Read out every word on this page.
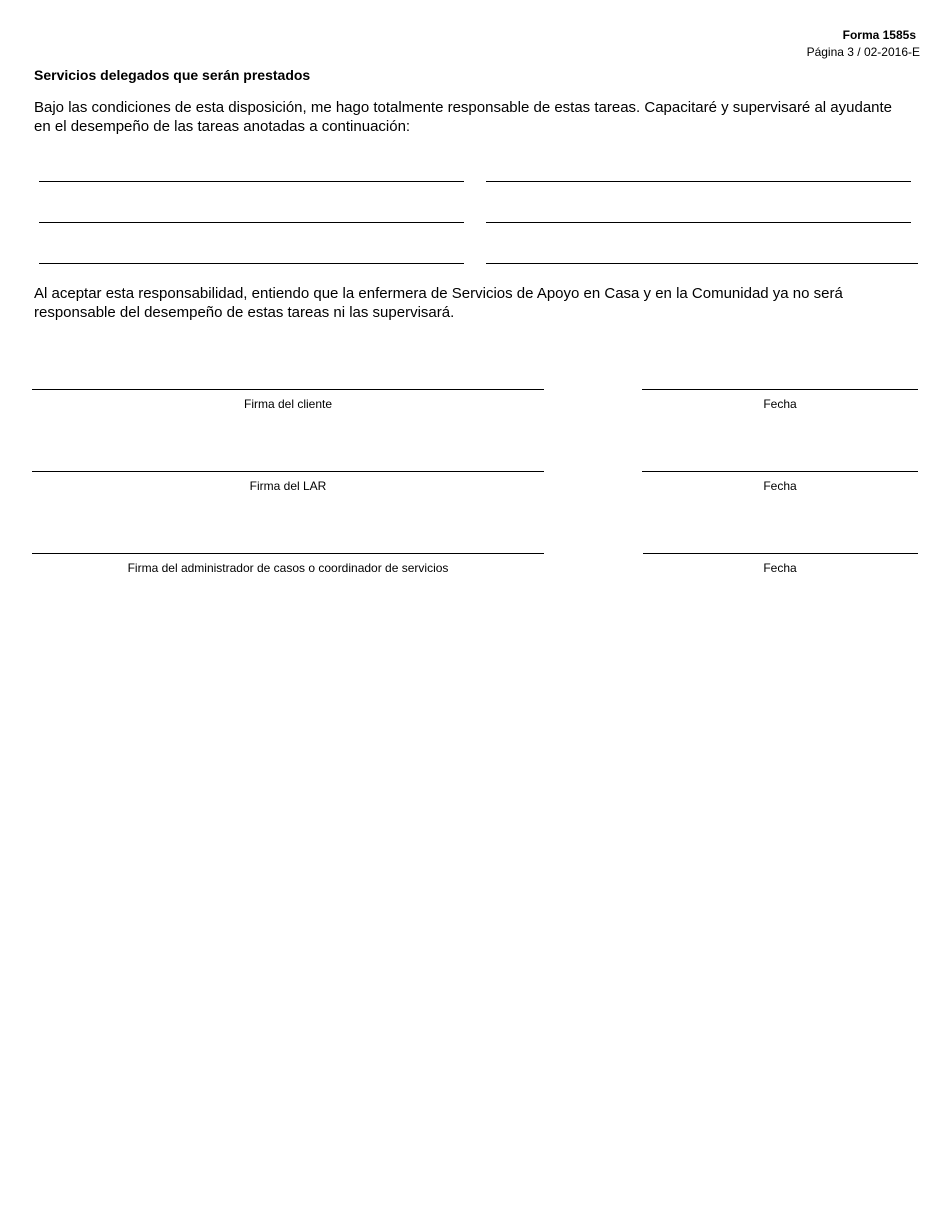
Forma 1585s
Página 3 / 02-2016-E
Servicios delegados que serán prestados
Bajo las condiciones de esta disposición, me hago totalmente responsable de estas tareas. Capacitaré y supervisaré al ayudante en el desempeño de las tareas anotadas a continuación:
Al aceptar esta responsabilidad, entiendo que la enfermera de Servicios de Apoyo en Casa y en la Comunidad ya no será responsable del desempeño de estas tareas ni las supervisará.
Firma del cliente	Fecha
Firma del LAR	Fecha
Firma del administrador de casos o coordinador de servicios	Fecha
